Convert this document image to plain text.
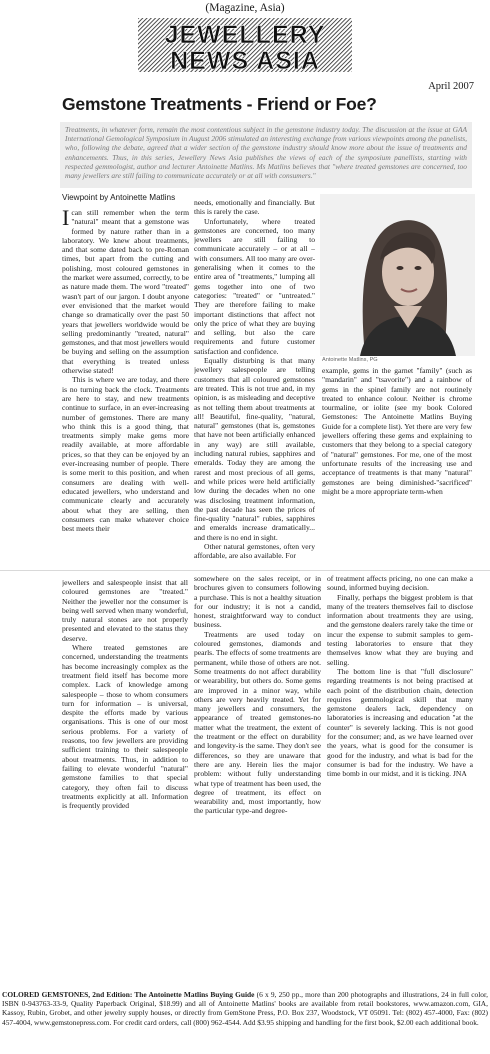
(Magazine, Asia)
JEWELLERY
NEWS ASIA
April 2007
Gemstone Treatments - Friend or Foe?
Treatments, in whatever form, remain the most contentious subject in the gemstone industry today. The discussion at the issue at GAA International Gemological Symposium in August 2006 stimulated an interesting exchange from various viewpoints among the panelists, who, following the debate, agreed that a wider section of the gemstone industry should know more about the issue of treatments and enhancements. Thus, in this series, Jewellery News Asia publishes the views of each of the symposium panellists, starting with respected gemmologist, author and lecturer Antoinette Matlins. Ms Matlins believes that "where treated gemstones are concerned, too many jewellers are still failing to communicate accurately or at all with consumers."
Viewpoint by Antoinette Matlins

Ican still remember when the term "natural" meant that a gemstone was formed by nature rather than in a laboratory. We knew about treatments, and that some dated back to pre-Roman times, but apart from the cutting and polishing, most coloured gemstones in the market were assumed, correctly, to be as nature made them. The word "treated" wasn't part of our jargon. I doubt anyone ever envisioned that the market would change so dramatically over the past 50 years that jewellers worldwide would be selling predominantly "treated, natural" gemstones, and that most jewellers would be buying and selling on the assumption that everything is treated unless otherwise stated!

This is where we are today, and there is no turning back the clock. Treatments are here to stay, and new treatments continue to surface, in an ever-increasing number of gemstones. There are many who think this is a good thing, that treatments simply make gems more readily available, at more affordable prices, so that they can be enjoyed by an ever-increasing number of people. There is some merit to this position, and when consumers are dealing with well-educated jewellers, who understand and communicate clearly and accurately about what they are selling, then consumers can make whatever choice best meets their

needs, emotionally and financially. But this is rarely the case.

Unfortunately, where treated gemstones are concerned, too many jewellers are still failing to communicate accurately – or at all – with consumers. All too many are over-generalising when it comes to the entire area of "treatments," lumping all gems together into one of two categories: "treated" or "untreated." They are therefore failing to make important distinctions that affect not only the price of what they are buying and selling, but also the care requirements and future customer satisfaction and confidence.

Equally disturbing is that many jewellery salespeople are telling customers that all coloured gemstones are treated. This is not true and, in my opinion, is as misleading and deceptive as not telling them about treatments at all! Beautiful, fine-quality, "natural, natural" gemstones (that is, gemstones that have not been artificially enhanced in any way) are still available, including natural rubies, sapphires and emeralds. Today they are among the rarest and most precious of all gems, and while prices were held artificially low during the decades when no one was disclosing treatment information, the past decade has seen the prices of fine-quality "natural" rubies, sapphires and emeralds increase dramatically... and there is no end in sight.

Other natural gemstones, often very affordable, are also available. For

Antoinette Matlins, PG

example, gems in the garnet "family" (such as "mandarin" and "tsavorite") and a rainbow of gems in the spinel family are not routinely treated to enhance colour. Neither is chrome tourmaline, or iolite (see my book Colored Gemstones: The Antoinette Matlins Buying Guide for a complete list). Yet there are very few jewellers offering these gems and explaining to customers that they belong to a special category of "natural" gemstones. For me, one of the most unfortunate results of the increasing use and acceptance of treatments is that many "natural" gemstones are being diminished-"sacrificed" might be a more appropriate term-when

jewellers and salespeople insist that all coloured gemstones are "treated." Neither the jeweller nor the consumer is being well served when many wonderful, truly natural stones are not properly presented and elevated to the status they deserve.

Where treated gemstones are concerned, understanding the treatments has become increasingly complex as the treatment field itself has become more complex. Lack of knowledge among salespeople – those to whom consumers turn for information – is universal, despite the efforts made by various organisations. This is one of our most serious problems. For a variety of reasons, too few jewellers are providing sufficient training to their salespeople about treatments. Thus, in addition to failing to elevate wonderful "natural" gemstone families to that special category, they often fail to discuss treatments explicitly at all. Information is frequently provided

somewhere on the sales receipt, or in brochures given to consumers following a purchase. This is not a healthy situation for our industry; it is not a candid, honest, straightforward way to conduct business.

Treatments are used today on coloured gemstones, diamonds and pearls. The effects of some treatments are permanent, while those of others are not. Some treatments do not affect durability or wearability, but others do. Some gems are improved in a minor way, while others are very heavily treated. Yet for many jewellers and consumers, the appearance of treated gemstones-no matter what the treatment, the extent of the treatment or the effect on durability and longevity-is the same. They don't see differences, so they are unaware that there are any. Herein lies the major problem: without fully understanding what type of treatment has been used, the degree of treatment, its effect on wearability and, most importantly, how the particular type-and degree-

of treatment affects pricing, no one can make a sound, informed buying decision.

Finally, perhaps the biggest problem is that many of the treaters themselves fail to disclose information about treatments they are using, and the gemstone dealers rarely take the time or incur the expense to submit samples to gem-testing laboratories to ensure that they themselves know what they are buying and selling.

The bottom line is that "full disclosure" regarding treatments is not being practised at each point of the distribution chain, detection requires gemmological skill that many gemstone dealers lack, dependency on laboratories is increasing and education "at the counter" is severely lacking. This is not good for the consumer; and, as we have learned over the years, what is good for the consumer is good for the industry, and what is bad for the consumer is bad for the industry. We have a time bomb in our midst, and it is ticking. JNA

COLORED GEMSTONES, 2nd Edition: The Antoinette Matlins Buying Guide (6 x 9, 250 pp., more than 200 photographs and illustrations, 24 in full color, ISBN 0-943763-33-9, Quality Paperback Original, $18.99) and all of Antoinette Matlins' books are available from retail bookstores, www.amazon.com, GIA, Kassoy, Rubin, Grobet, and other jewelry supply houses, or directly from GemStone Press, P.O. Box 237, Woodstock, VT 05091. Tel: (802) 457-4000, Fax: (802) 457-4004, www.gemstonepress.com. For credit card orders, call (800) 962-4544. Add $3.95 shipping and handling for the first book, $2.00 each additional book.
